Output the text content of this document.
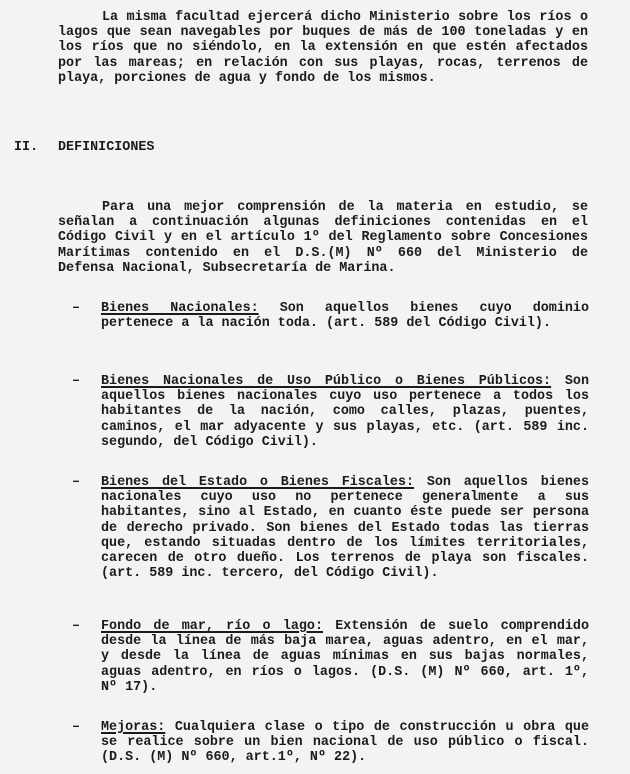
La misma facultad ejercerá dicho Ministerio sobre los ríos o lagos que sean navegables por buques de más de 100 toneladas y en los ríos que no siéndolo, en la extensión en que estén afectados por las mareas; en relación con sus playas, rocas, terrenos de playa, porciones de agua y fondo de los mismos.

II. DEFINICIONES

Para una mejor comprensión de la materia en estudio, se señalan a continuación algunas definiciones contenidas en el Código Civil y en el artículo 1º del Reglamento sobre Concesiones Marítimas contenido en el D.S.(M) Nº 660 del Ministerio de Defensa Nacional, Subsecretaría de Marina.

– Bienes Nacionales: Son aquellos bienes cuyo dominio pertenece a la nación toda. (art. 589 del Código Civil).

– Bienes Nacionales de Uso Público o Bienes Públicos: Son aquellos bienes nacionales cuyo uso pertenece a todos los habitantes de la nación, como calles, plazas, puentes, caminos, el mar adyacente y sus playas, etc. (art. 589 inc. segundo, del Código Civil).

– Bienes del Estado o Bienes Fiscales: Son aquellos bienes nacionales cuyo uso no pertenece generalmente a sus habitantes, sino al Estado, en cuanto éste puede ser persona de derecho privado. Son bienes del Estado todas las tierras que, estando situadas dentro de los límites territoriales, carecen de otro dueño. Los terrenos de playa son fiscales. (art. 589 inc. tercero, del Código Civil).

– Fondo de mar, río o lago: Extensión de suelo comprendido desde la línea de más baja marea, aguas adentro, en el mar, y desde la línea de aguas mínimas en sus bajas normales, aguas adentro, en ríos o lagos. (D.S. (M) Nº 660, art. 1º, Nº 17).

– Mejoras: Cualquiera clase o tipo de construcción u obra que se realice sobre un bien nacional de uso público o fiscal. (D.S. (M) Nº 660, art.1º, Nº 22).
